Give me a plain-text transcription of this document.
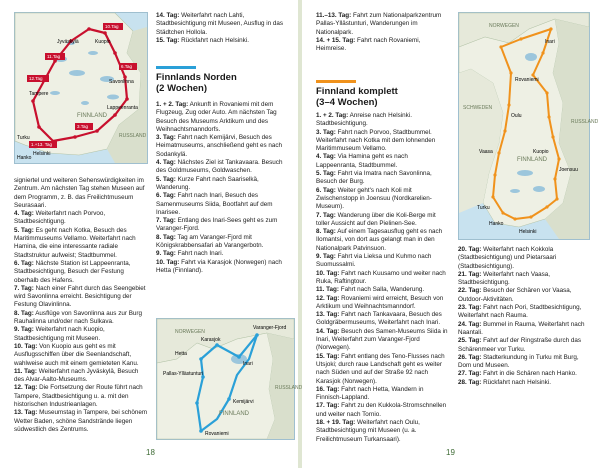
Jyväskylä	Kuopio
Savonlinna
Lappeenranta
FINNLAND
RUSSLAND
Helsinki
Tampere
Turku
Hanko
1.+13. Tag
12.Tag
11.Tag
10.Tag
6.Tag
3.Tag

signiertel und weiteren Sehenswürdigkeiten im Zentrum. Am nächsten Tag stehen Museen auf dem Programm, z. B. das Freilichtmuseum Seurasaari.

4. Tag: Weiterfahrt nach Porvoo, Stadtbesichtigung.

5. Tag: Es geht nach Kotka, Besuch des Maritimmuseums Vellamo. Weiterfahrt nach Hamina, die eine interessante radiale Stadtstruktur aufweist; Stadtbummel.

6. Tag: Nächste Station ist Lappeenranta, Stadtbesichtigung, Besuch der Festung oberhalb des Hafens.

7. Tag: Nach einer Fahrt durch das Seengebiet wird Savonlinna erreicht. Besichtigung der Festung Olavinlinna.

8. Tag: Ausflüge von Savonlinna aus zur Burg Rauhalinna und/oder nach Sulkava.

9. Tag: Weiterfahrt nach Kuopio, Stadtbesichtigung mit Museen.

10. Tag: Von Kuopio aus geht es mit Ausflugsschiffen über die Seenlandschaft, wahlweise auch mit einem gemieteten Kanu.

11. Tag: Weiterfahrt nach Jyväskylä, Besuch des Alvar-Aalto-Museums.

12. Tag: Die Fortsetzung der Route führt nach Tampere, Stadtbesichtigung u. a. mit den historischen Industrieanlagen.

13. Tag: Museumstag in Tampere, bei schönem Wetter Baden, schöne Sandstrände liegen südwestlich des Zentrums.

14. Tag: Weiterfahrt nach Lahti, Stadtbesichtigung mit Museen, Ausflug in das Städtchen Hollola.

15. Tag: Rückfahrt nach Helsinki.

Finnlands Norden
(2 Wochen)

1. + 2. Tag: Ankunft in Rovaniemi mit dem Flugzeug, Zug oder Auto. Am nächsten Tag Besuch des Museums Arktikum und des Weihnachtsmanndorfs.

3. Tag: Fahrt nach Kemijärvi, Besuch des Heimatmuseums, anschließend geht es nach Sodankylä.

4. Tag: Nächstes Ziel ist Tankavaara. Besuch des Goldmuseums, Goldwaschen.

5. Tag: Kurze Fahrt nach Saariselkä, Wanderung.

6. Tag: Fahrt nach Inari, Besuch des Samenmuseums Siida, Bootfahrt auf dem Inarisee.

7. Tag: Entlang des Inari-Sees geht es zum Varanger-Fjord.

8. Tag: Tag am Varanger-Fjord mit Königskrabbensafari ab Varangerbotn.

9. Tag: Fahrt nach Inari.

10. Tag: Fahrt via Karasjok (Norwegen) nach Hetta (Finnland).

NORWEGEN
Karasjok
Inari
Varanger-Fjord
Pallas-Yllästunturi
FINNLAND
RUSSLAND
Kemijärvi
Rovaniemi
Hetta
18

11.–13. Tag: Fahrt zum Nationalparkzentrum Pallas-Yllästunturi, Wanderungen im Nationalpark.

14. + 15. Tag: Fahrt nach Rovaniemi, Heimreise.

Finnland komplett
(3–4 Wochen)

1. + 2. Tag: Anreise nach Helsinki. Stadtbesichtigung.

3. Tag: Fahrt nach Porvoo, Stadtbummel. Weiterfahrt nach Kotka mit dem lohnenden Maritimmuseum Vellamo.

4. Tag: Via Hamina geht es nach Lappeenranta, Stadtbummel.

5. Tag: Fahrt via Imatra nach Savonlinna, Besuch der Burg.

6. Tag: Weiter geht's nach Koli mit Zwischenstopp in Joensuu (Nordkarelien-Museum).

7. Tag: Wanderung über die Koli-Berge mit toller Aussicht auf den Pielinen-See.

8. Tag: Auf einem Tagesausflug geht es nach Ilomantsi, von dort aus gelangt man in den Nationalpark Patvinsuon.

9. Tag: Fahrt via Lieksa und Kuhmo nach Suomussalmi.

10. Tag: Fahrt nach Kuusamo und weiter nach Ruka, Raftingtour.

11. Tag: Fahrt nach Salla, Wanderung.

12. Tag: Rovaniemi wird erreicht, Besuch von Arktikum und Weihnachtsmanndorf.

13. Tag: Fahrt nach Tankavaara, Besuch des Goldgräbermuseums, Weiterfahrt nach Inari.

14. Tag: Besuch des Samen-Museums Siida in Inari, Weiterfahrt zum Varanger-Fjord (Norwegen).

15. Tag: Fahrt entlang des Teno-Flusses nach Utsjoki; durch raue Landschaft geht es weiter nach Süden und auf der Straße 92 nach Karasjok (Norwegen).

16. Tag: Fahrt nach Hetta, Wandern in Finnisch-Lappland.

17. Tag: Fahrt zu den Kukkola-Stromschnellen und weiter nach Tornio.

18. + 19. Tag: Weiterfahrt nach Oulu, Stadtbesichtigung mit Museen (u. a. Freilichtmuseum Turkansaari).

NORWEGEN
SCHWEDEN
RUSSLAND
FINNLAND
Rovaniemi
Oulu
Helsinki
Hanko
Turku
Vaasa	Kuopio
Joensuu
Inari

20. Tag: Weiterfahrt nach Kokkola (Stadtbesichtigung) und Pietarsaari (Stadtbesichtigung).

21. Tag: Weiterfahrt nach Vaasa, Stadtbesichtigung.

22. Tag: Besuch der Schären vor Vaasa, Outdoor-Aktivitäten.

23. Tag: Fahrt nach Pori, Stadtbesichtigung, Weiterfahrt nach Rauma.

24. Tag: Bummel in Rauma, Weiterfahrt nach Naantali.

25. Tag: Fahrt auf der Ringstraße durch das Schärenmeer vor Turku.

26. Tag: Stadterkundung in Turku mit Burg, Dom und Museen.

27. Tag: Fahrt in die Schären nach Hanko.

28. Tag: Rückfahrt nach Helsinki.

19
